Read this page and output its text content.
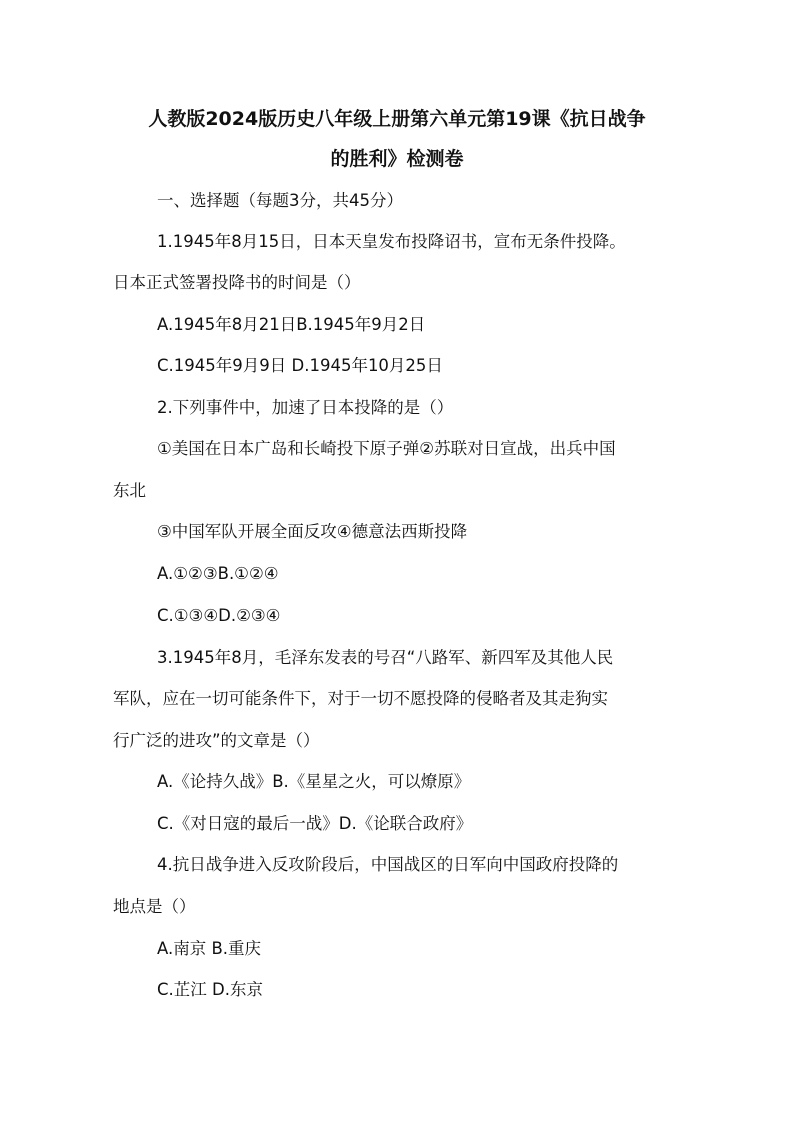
人教版2024版历史八年级上册第六单元第19课《抗日战争
的胜利》检测卷
一、选择题（每题3分，共45分）
1.1945年8月15日，日本天皇发布投降诏书，宣布无条件投降。
日本正式签署投降书的时间是（）
A.1945年8月21日B.1945年9月2日
C.1945年9月9日 D.1945年10月25日
2.下列事件中，加速了日本投降的是（）
①美国在日本广岛和长崎投下原子弹②苏联对日宣战，出兵中国
东北
③中国军队开展全面反攻④德意法西斯投降
A.①②③B.①②④
C.①③④D.②③④
3.1945年8月，毛泽东发表的号召“八路军、新四军及其他人民
军队，应在一切可能条件下，对于一切不愿投降的侵略者及其走狗实
行广泛的进攻”的文章是（）
A.《论持久战》B.《星星之火，可以燎原》
C.《对日寇的最后一战》D.《论联合政府》
4.抗日战争进入反攻阶段后，中国战区的日军向中国政府投降的
地点是（）
A.南京 B.重庆
C.芷江 D.东京
